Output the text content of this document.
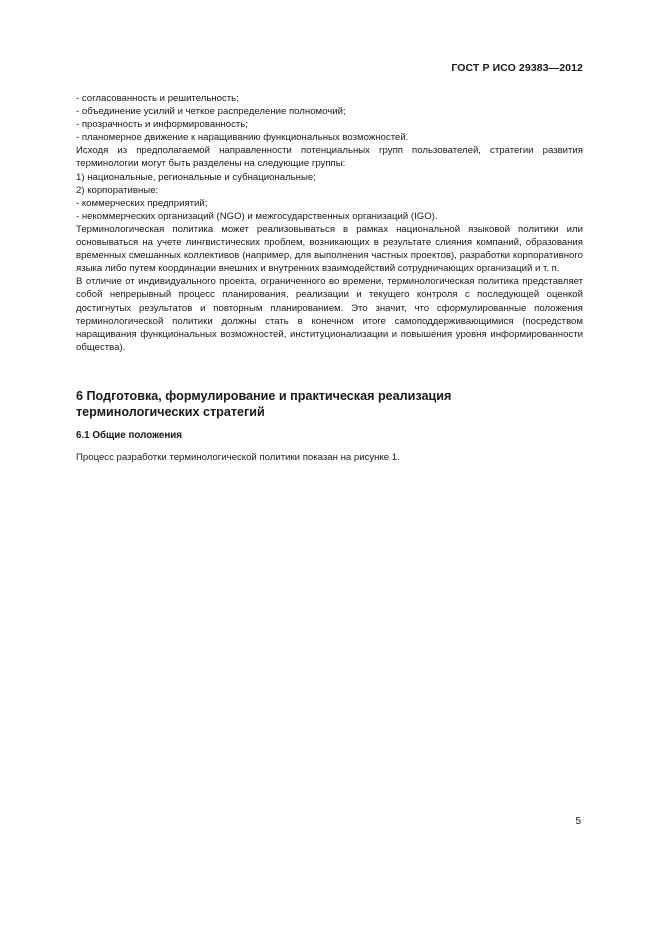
ГОСТ Р ИСО 29383—2012

- согласованность и решительность;

- объединение усилий и четкое распределение полномочий;

- прозрачность и информированность;

- планомерное движение к наращиванию функциональных возможностей.

Исходя из предполагаемой направленности потенциальных групп пользователей, стратегии развития терминологии могут быть разделены на следующие группы:

1) национальные, региональные и субнациональные;

2) корпоративные:

- коммерческих предприятий;

- некоммерческих организаций (NGO) и межгосударственных организаций (IGO).

Терминологическая политика может реализовываться в рамках национальной языковой политики или основываться на учете лингвистических проблем, возникающих в результате слияния компаний, образования временных смешанных коллективов (например, для выполнения частных проектов), разработки корпоративного языка либо путем координации внешних и внутренних взаимодействий сотрудничающих организаций и т. п.

В отличие от индивидуального проекта, ограниченного во времени, терминологическая политика представляет собой непрерывный процесс планирования, реализации и текущего контроля с последующей оценкой достигнутых результатов и повторным планированием. Это значит, что сформулированные положения терминологической политики должны стать в конечном итоге самоподдерживающимися (посредством наращивания функциональных возможностей, институционализации и повышения уровня информированности общества).

6 Подготовка, формулирование и практическая реализация терминологических стратегий
6.1 Общие положения
Процесс разработки терминологической политики показан на рисунке 1.
5
